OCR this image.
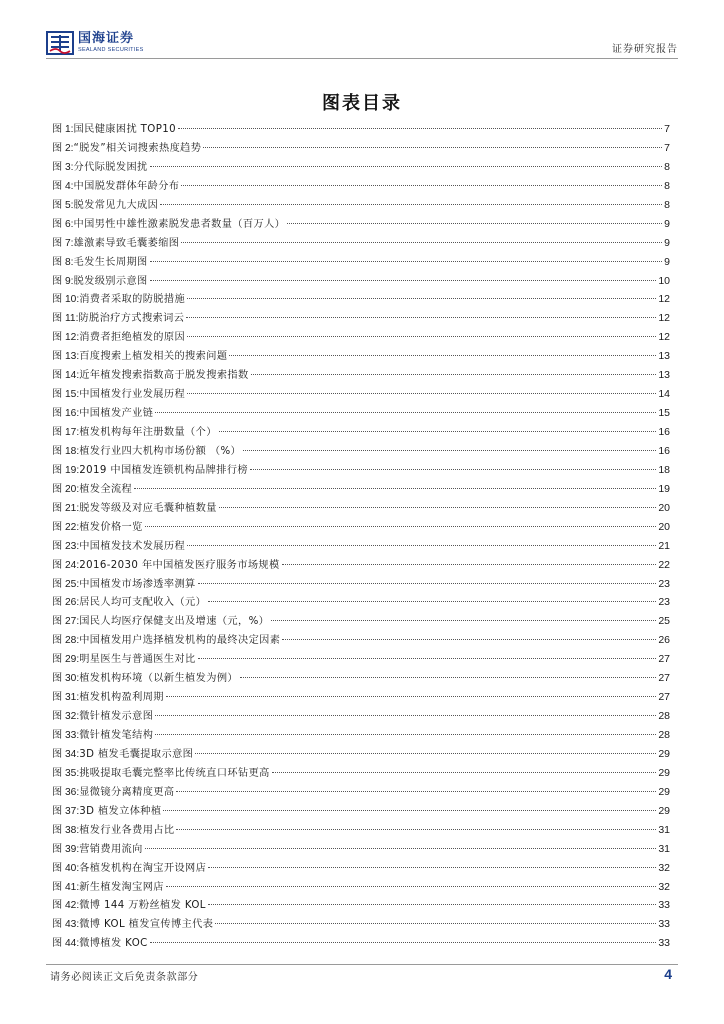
国海证券
SEALAND SECURITIES	证券研究报告
图表目录
图 1: 国民健康困扰 TOP10	7
图 2: “脱发”相关词搜索热度趋势	7
图 3: 分代际脱发困扰	8
图 4: 中国脱发群体年龄分布	8
图 5: 脱发常见九大成因	8
图 6: 中国男性中雄性激素脱发患者数量（百万人）	9
图 7: 雄激素导致毛囊萎缩图	9
图 8: 毛发生长周期图	9
图 9: 脱发级别示意图	10
图 10: 消费者采取的防脱措施	12
图 11: 防脱治疗方式搜索词云	12
图 12: 消费者拒绝植发的原因	12
图 13: 百度搜索上植发相关的搜索问题	13
图 14: 近年植发搜索指数高于脱发搜索指数	13
图 15: 中国植发行业发展历程	14
图 16: 中国植发产业链	15
图 17: 植发机构每年注册数量（个）	16
图 18: 植发行业四大机构市场份额 （%）	16
图 19: 2019 中国植发连锁机构品牌排行榜	18
图 20: 植发全流程	19
图 21: 脱发等级及对应毛囊种植数量	20
图 22: 植发价格一览	20
图 23: 中国植发技术发展历程	21
图 24: 2016-2030 年中国植发医疗服务市场规模	22
图 25: 中国植发市场渗透率测算	23
图 26: 居民人均可支配收入（元）	23
图 27: 国民人均医疗保健支出及增速（元，%）	25
图 28: 中国植发用户选择植发机构的最终决定因素	26
图 29: 明星医生与普通医生对比	27
图 30: 植发机构环境（以新生植发为例）	27
图 31: 植发机构盈利周期	27
图 32: 微针植发示意图	28
图 33: 微针植发笔结构	28
图 34: 3D 植发毛囊提取示意图	29
图 35: 挑吸提取毛囊完整率比传统直口环钻更高	29
图 36: 显微镜分离精度更高	29
图 37: 3D 植发立体种植	29
图 38: 植发行业各费用占比	31
图 39: 营销费用流向	31
图 40: 各植发机构在淘宝开设网店	32
图 41: 新生植发淘宝网店	32
图 42: 微博 144 万粉丝植发 KOL	33
图 43: 微博 KOL 植发宣传博主代表	33
图 44: 微博植发 KOC	33
请务必阅读正文后免责条款部分	4
